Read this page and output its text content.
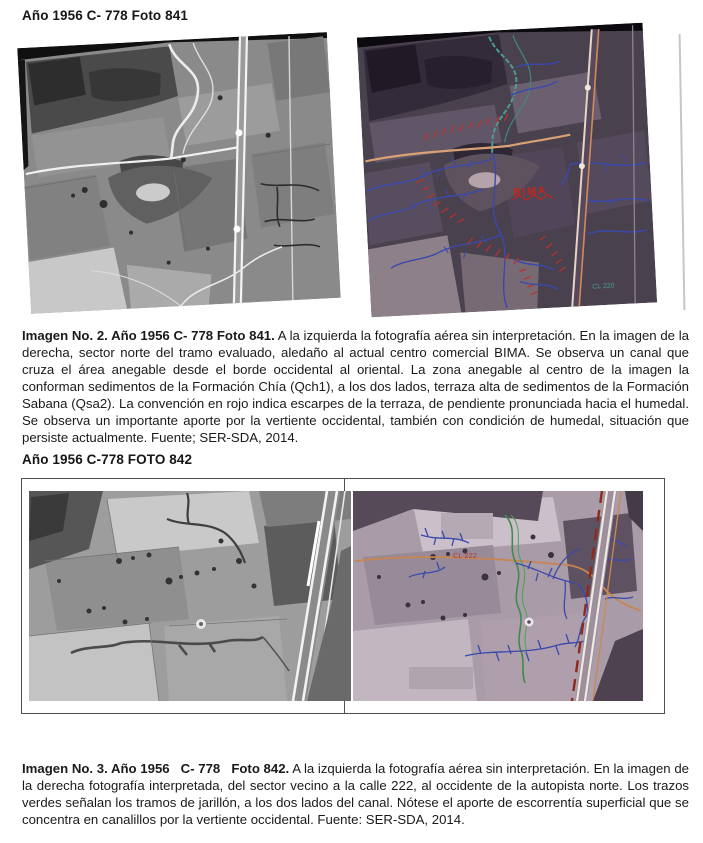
Año 1956 C- 778 Foto 841
BIMA
CL 220

Imagen No. 2. Año 1956 C- 778 Foto 841. A la izquierda la fotografía aérea sin interpretación. En la imagen de la derecha, sector norte del tramo evaluado, aledaño al actual centro comercial BIMA. Se observa un canal que cruza el área anegable desde el borde occidental al oriental. La zona anegable al centro de la imagen la conforman sedimentos de la Formación Chía (Qch1), a los dos lados, terraza alta de sedimentos de la Formación Sabana (Qsa2). La convención en rojo indica escarpes de la terraza, de pendiente pronunciada hacia el humedal. Se observa un importante aporte por la vertiente occidental, también con condición de humedal, situación que persiste actualmente. Fuente; SER-SDA, 2014.

Año 1956 C-778 FOTO 842
CL 222

Imagen No. 3. Año 1956   C- 778   Foto 842. A la izquierda la fotografía aérea sin interpretación. En la imagen de la derecha fotografía interpretada, del sector vecino a la calle 222, al occidente de la autopista norte. Los trazos verdes señalan los tramos de jarillón, a los dos lados del canal. Nótese el aporte de escorrentía superficial que se concentra en canalillos por la vertiente occidental. Fuente: SER-SDA, 2014.
